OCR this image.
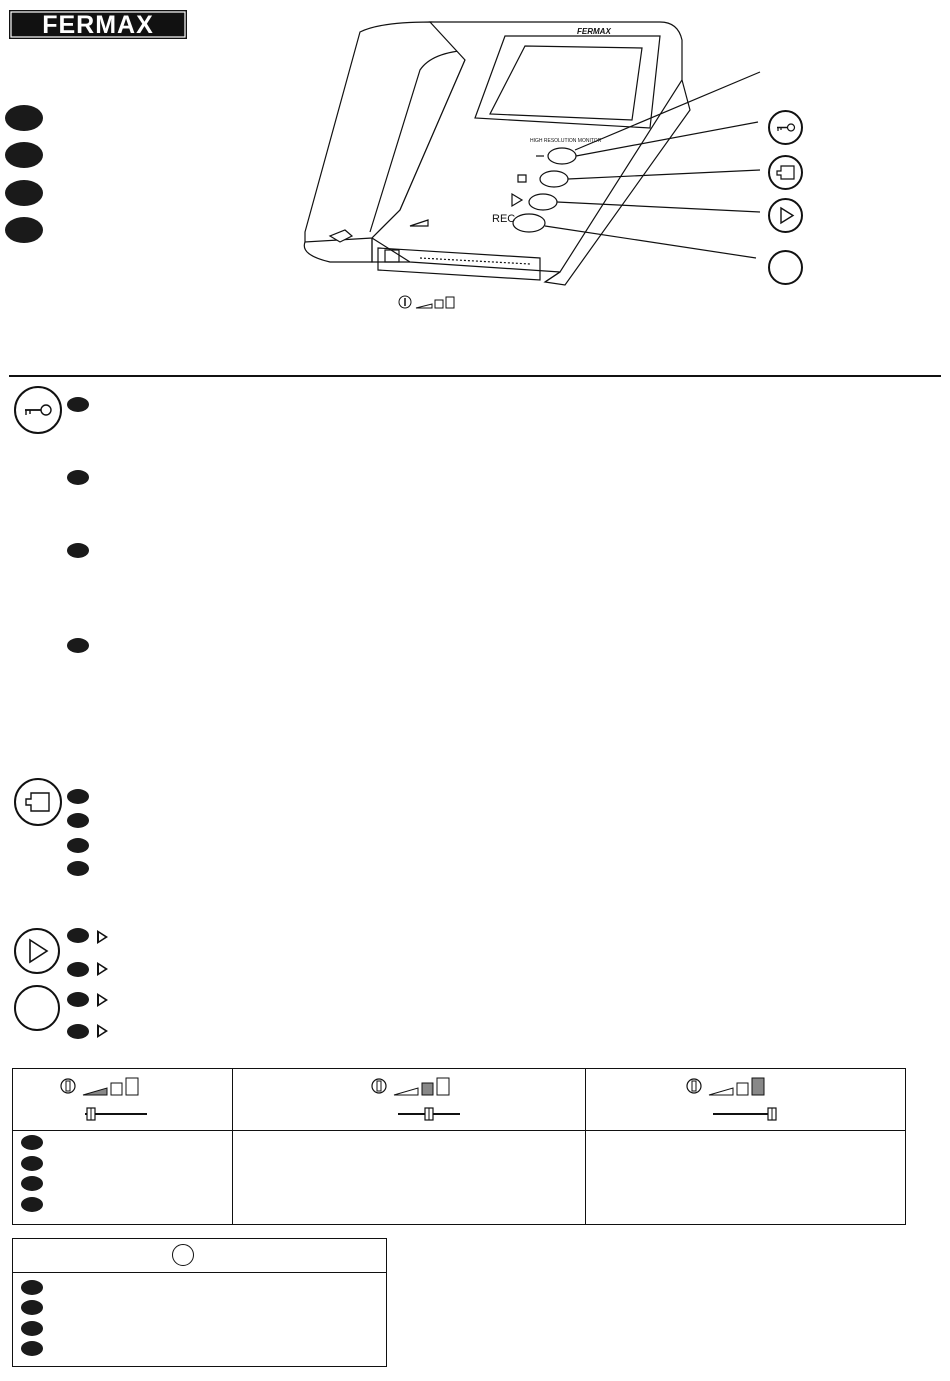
FERMAX
HIGH RESOLUTION MONITOR
FERMAX
REC
